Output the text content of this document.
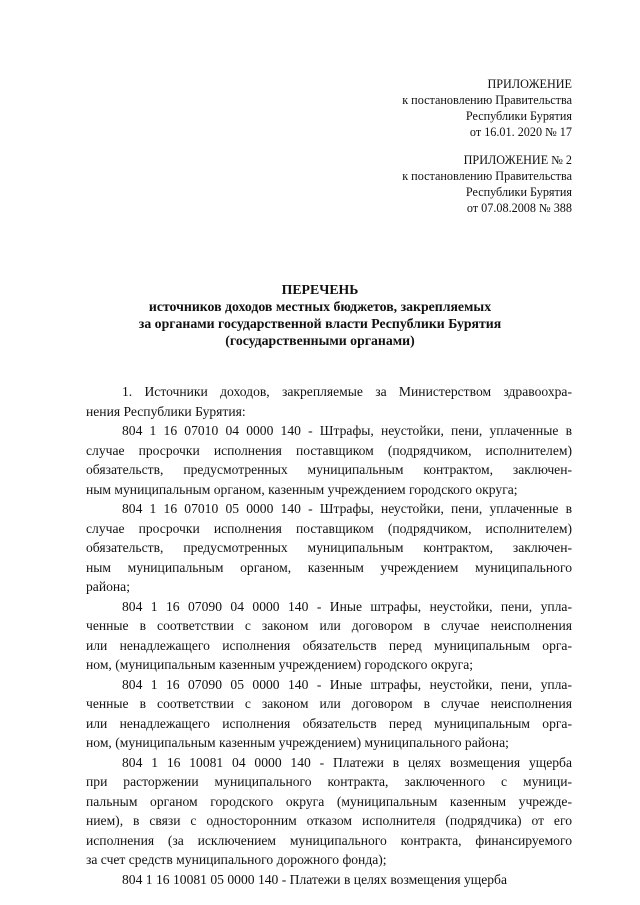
ПРИЛОЖЕНИЕ
к постановлению Правительства
Республики Бурятия
от 16.01. 2020 № 17
ПРИЛОЖЕНИЕ № 2
к постановлению Правительства
Республики Бурятия
от 07.08.2008 № 388
ПЕРЕЧЕНЬ
источников доходов местных бюджетов, закрепляемых
за органами государственной власти Республики Бурятия
(государственными органами)

1. Источники доходов, закрепляемые за Министерством здравоохра-
нения Республики Бурятия:

804 1 16 07010 04 0000 140 - Штрафы, неустойки, пени, уплаченные в
случае просрочки исполнения поставщиком (подрядчиком, исполнителем)
обязательств, предусмотренных муниципальным контрактом, заключен-
ным муниципальным органом, казенным учреждением городского округа;

804 1 16 07010 05 0000 140 - Штрафы, неустойки, пени, уплаченные в
случае просрочки исполнения поставщиком (подрядчиком, исполнителем)
обязательств, предусмотренных муниципальным контрактом, заключен-
ным муниципальным органом, казенным учреждением муниципального
района;

804 1 16 07090 04 0000 140 - Иные штрафы, неустойки, пени, упла-
ченные в соответствии с законом или договором в случае неисполнения
или ненадлежащего исполнения обязательств перед муниципальным орга-
ном, (муниципальным казенным учреждением) городского округа;

804 1 16 07090 05 0000 140 - Иные штрафы, неустойки, пени, упла-
ченные в соответствии с законом или договором в случае неисполнения
или ненадлежащего исполнения обязательств перед муниципальным орга-
ном, (муниципальным казенным учреждением) муниципального района;

804 1 16 10081 04 0000 140 - Платежи в целях возмещения ущерба
при расторжении муниципального контракта, заключенного с муници-
пальным органом городского округа (муниципальным казенным учрежде-
нием), в связи с односторонним отказом исполнителя (подрядчика) от его
исполнения (за исключением муниципального контракта, финансируемого
за счет средств муниципального дорожного фонда);

804 1 16 10081 05 0000 140 - Платежи в целях возмещения ущерба
